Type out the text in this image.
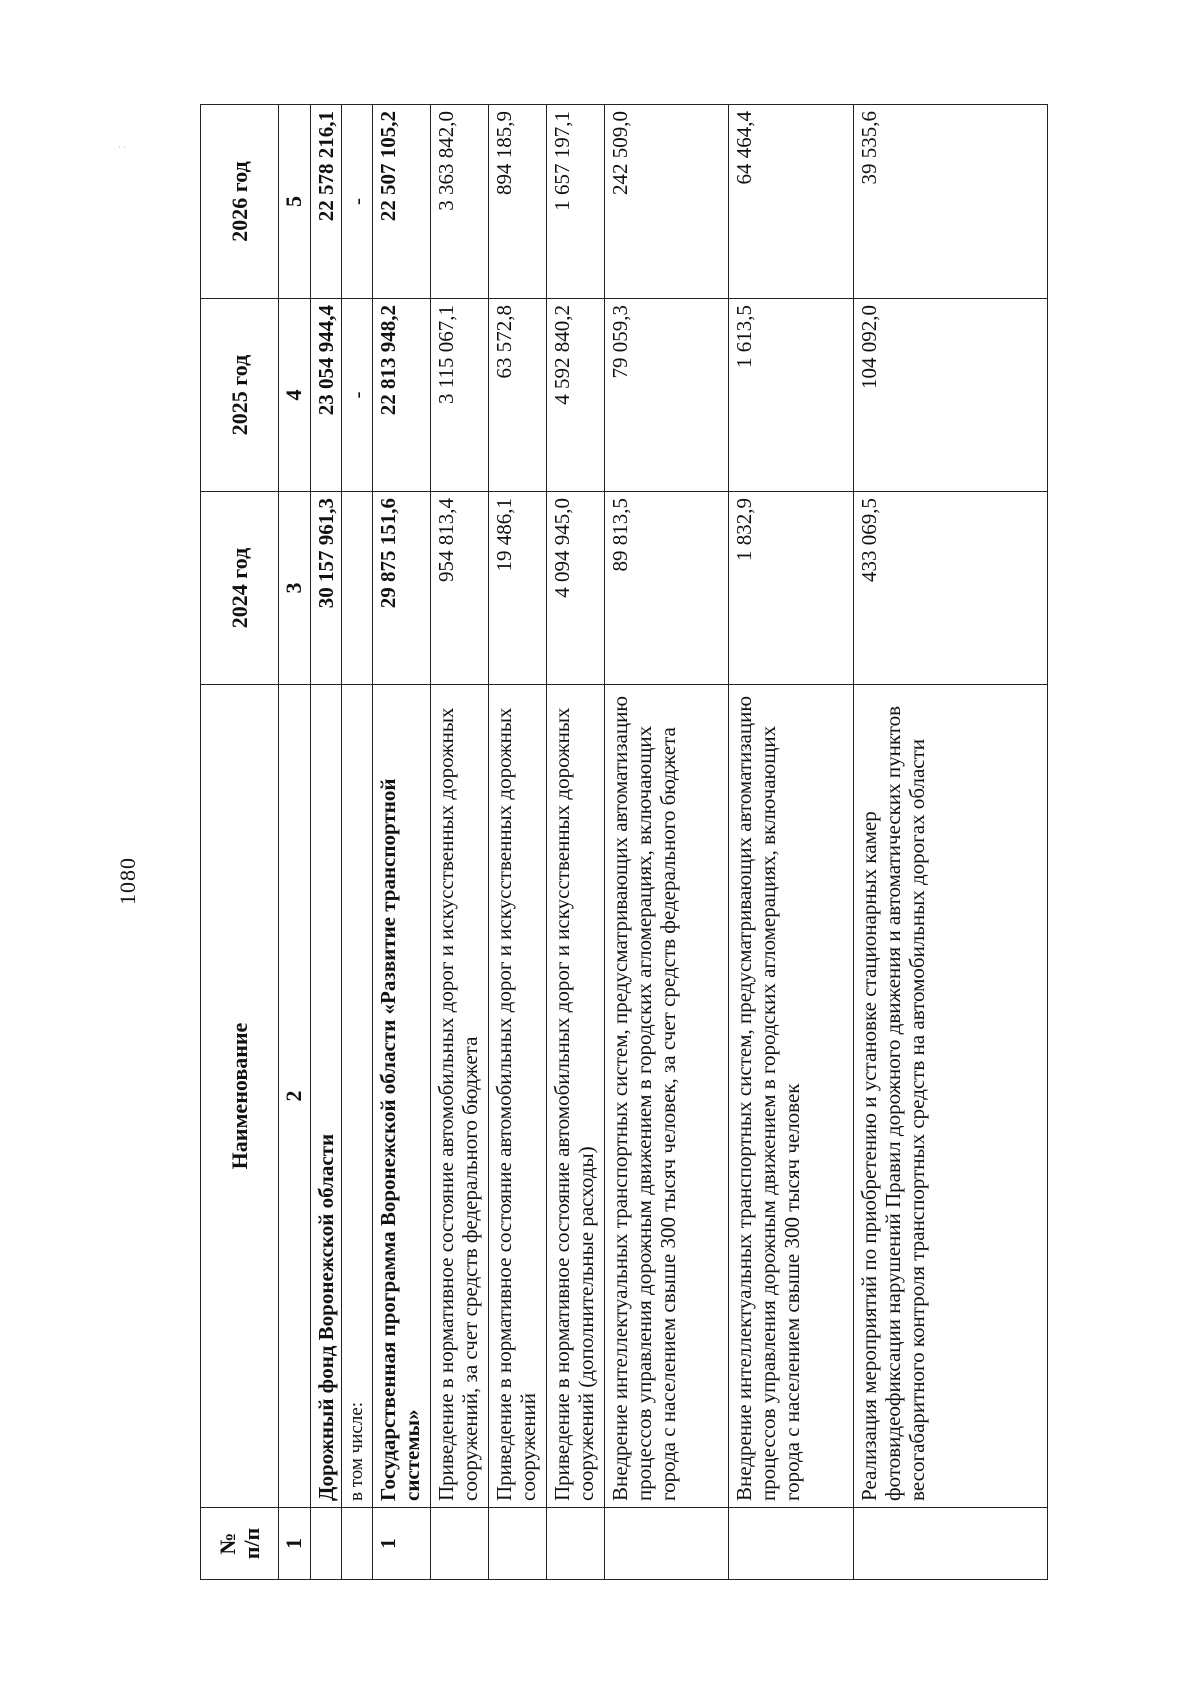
1080
˙ ˙
№
п/п	Наименование	2024 год	2025 год	2026 год
1	2	3	4	5
	Дорожный фонд Воронежской области	30 157 961,3	23 054 944,4	22 578 216,1
	в том числе:		-	-
1	Государственная программа Воронежской области «Развитие транспортной системы»	29 875 151,6	22 813 948,2	22 507 105,2
	Приведение в нормативное состояние автомобильных дорог и искусственных дорожных сооружений, за счет средств федерального бюджета	954 813,4	3 115 067,1	3 363 842,0
	Приведение в нормативное состояние автомобильных дорог и искусственных дорожных сооружений	19 486,1	63 572,8	894 185,9
	Приведение в нормативное состояние автомобильных дорог и искусственных дорожных сооружений (дополнительные расходы)	4 094 945,0	4 592 840,2	1 657 197,1
	Внедрение интеллектуальных транспортных систем, предусматривающих автоматизацию процессов управления дорожным движением в городских агломерациях, включающих города с населением свыше 300 тысяч человек, за счет средств федерального бюджета	89 813,5	79 059,3	242 509,0
	Внедрение интеллектуальных транспортных систем, предусматривающих автоматизацию процессов управления дорожным движением в городских агломерациях, включающих города с населением свыше 300 тысяч человек	1 832,9	1 613,5	64 464,4
	Реализация мероприятий по приобретению и установке стационарных камер фотовидеофиксации нарушений Правил дорожного движения и автоматических пунктов весогабаритного контроля транспортных средств на автомобильных дорогах области	433 069,5	104 092,0	39 535,6
